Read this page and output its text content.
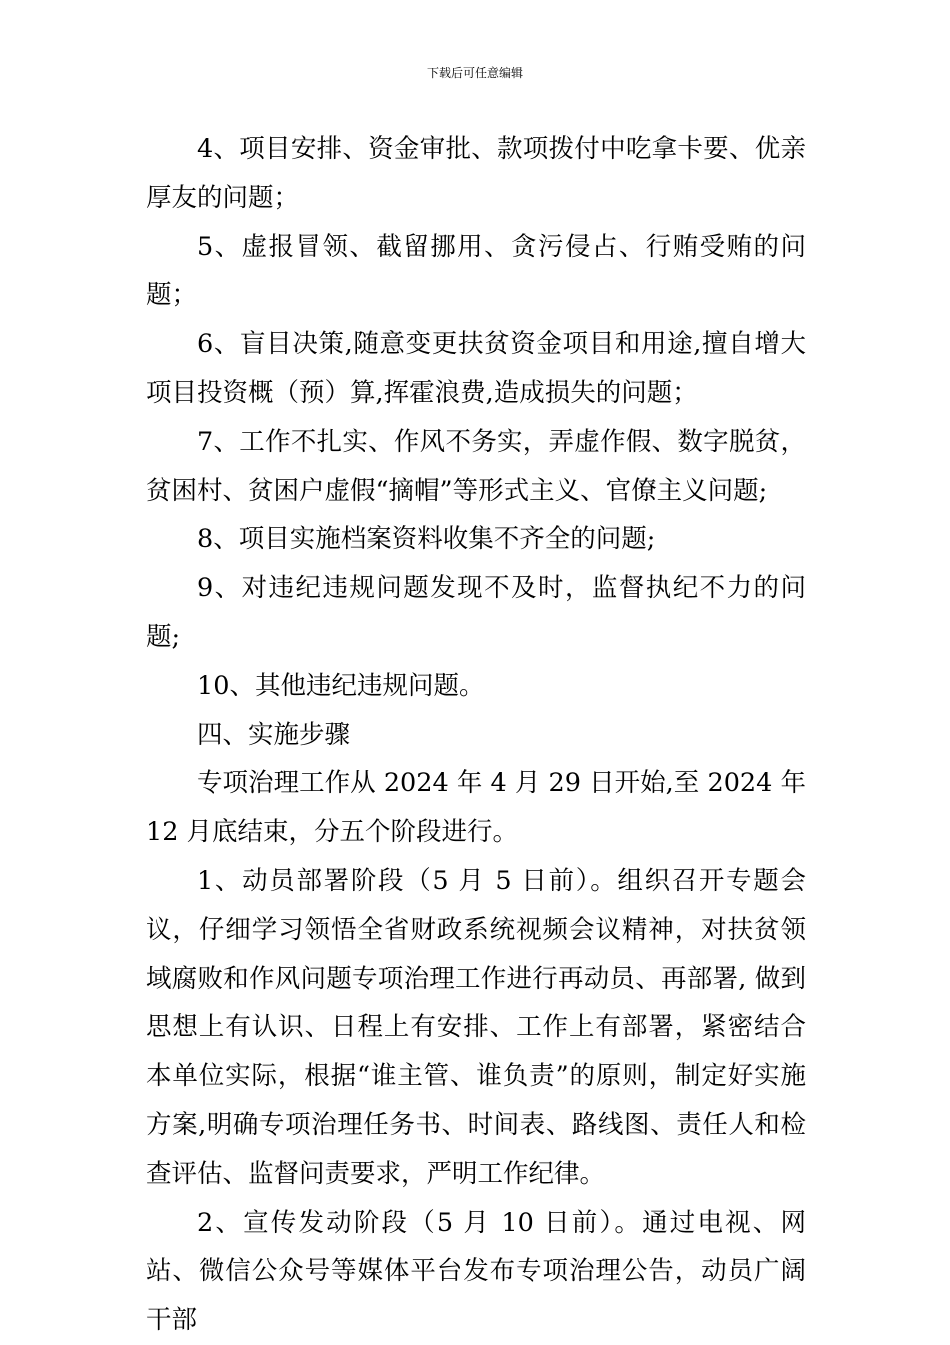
下载后可任意编辑

4、项目安排、资金审批、款项拨付中吃拿卡要、优亲厚友的问题；

5、虚报冒领、截留挪用、贪污侵占、行贿受贿的问题；

6、盲目决策,随意变更扶贫资金项目和用途,擅自增大项目投资概（预）算,挥霍浪费,造成损失的问题；

7、工作不扎实、作风不务实，弄虚作假、数字脱贫，贫困村、贫困户虚假“摘帽”等形式主义、官僚主义问题;

8、项目实施档案资料收集不齐全的问题;

9、对违纪违规问题发现不及时，监督执纪不力的问题;

10、其他违纪违规问题。

四、实施步骤

专项治理工作从 2024 年 4 月 29 日开始,至 2024 年 12 月底结束，分五个阶段进行。

1、动员部署阶段（5 月 5 日前）。组织召开专题会议，仔细学习领悟全省财政系统视频会议精神，对扶贫领域腐败和作风问题专项治理工作进行再动员、再部署, 做到思想上有认识、日程上有安排、工作上有部署，紧密结合本单位实际，根据“谁主管、谁负责”的原则，制定好实施方案,明确专项治理任务书、时间表、路线图、责任人和检查评估、监督问责要求，严明工作纪律。

2、宣传发动阶段（5 月 10 日前）。通过电视、网站、微信公众号等媒体平台发布专项治理公告，动员广阔干部
